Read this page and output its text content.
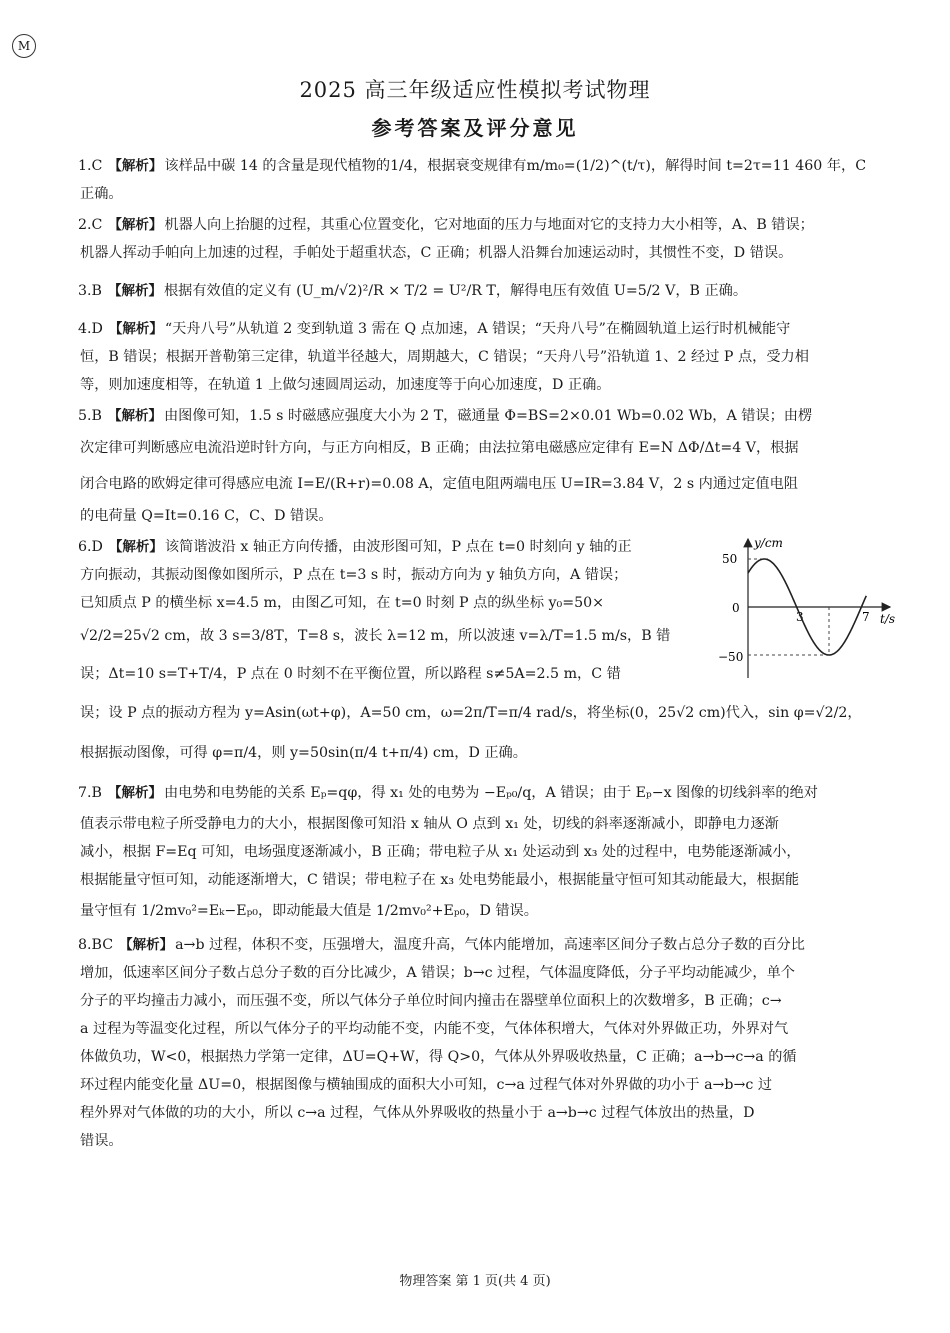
M
2025 高三年级适应性模拟考试物理
参考答案及评分意见
1.C 【解析】 该样品中碳 14 的含量是现代植物的1/4，根据衰变规律有m/m₀=(1/2)^(t/τ)，解得时间 t=2τ=11 460 年，C
正确。
2.C 【解析】 机器人向上抬腿的过程，其重心位置变化，它对地面的压力与地面对它的支持力大小相等，A、B 错误；
机器人挥动手帕向上加速的过程，手帕处于超重状态，C 正确；机器人沿舞台加速运动时，其惯性不变，D 错误。
3.B 【解析】 根据有效值的定义有 (U_m/√2)²/R × T/2 = U²/R T，解得电压有效值 U=5/2 V，B 正确。
4.D 【解析】 “天舟八号”从轨道 2 变到轨道 3 需在 Q 点加速，A 错误；“天舟八号”在椭圆轨道上运行时机械能守
恒，B 错误；根据开普勒第三定律，轨道半径越大，周期越大，C 错误；“天舟八号”沿轨道 1、2 经过 P 点，受力相
等，则加速度相等，在轨道 1 上做匀速圆周运动，加速度等于向心加速度，D 正确。
5.B 【解析】 由图像可知，1.5 s 时磁感应强度大小为 2 T，磁通量 Φ=BS=2×0.01 Wb=0.02 Wb，A 错误；由楞
次定律可判断感应电流沿逆时针方向，与正方向相反，B 正确；由法拉第电磁感应定律有 E=N ΔΦ/Δt=4 V，根据
闭合电路的欧姆定律可得感应电流 I=E/(R+r)=0.08 A，定值电阻两端电压 U=IR=3.84 V，2 s 内通过定值电阻
的电荷量 Q=It=0.16 C，C、D 错误。
6.D 【解析】 该简谐波沿 x 轴正方向传播，由波形图可知，P 点在 t=0 时刻向 y 轴的正
方向振动，其振动图像如图所示，P 点在 t=3 s 时，振动方向为 y 轴负方向，A 错误；
已知质点 P 的横坐标 x=4.5 m，由图乙可知，在 t=0 时刻 P 点的纵坐标 y₀=50×
√2/2=25√2 cm，故 3 s=3/8T，T=8 s，波长 λ=12 m，所以波速 v=λ/T=1.5 m/s，B 错
误；Δt=10 s=T+T/4，P 点在 0 时刻不在平衡位置，所以路程 s≠5A=2.5 m，C 错
误；设 P 点的振动方程为 y=Asin(ωt+φ)，A=50 cm，ω=2π/T=π/4 rad/s，将坐标(0，25√2 cm)代入，sin φ=√2/2，
根据振动图像，可得 φ=π/4，则 y=50sin(π/4 t+π/4) cm，D 正确。
y/cm
t/s
50
0
−50
3	7
7.B 【解析】 由电势和电势能的关系 Eₚ=qφ，得 x₁ 处的电势为 −Eₚ₀/q，A 错误；由于 Eₚ−x 图像的切线斜率的绝对
值表示带电粒子所受静电力的大小，根据图像可知沿 x 轴从 O 点到 x₁ 处，切线的斜率逐渐减小，即静电力逐渐
减小，根据 F=Eq 可知，电场强度逐渐减小，B 正确；带电粒子从 x₁ 处运动到 x₃ 处的过程中，电势能逐渐减小，
根据能量守恒可知，动能逐渐增大，C 错误；带电粒子在 x₃ 处电势能最小，根据能量守恒可知其动能最大，根据能
量守恒有 1/2mv₀²=Eₖ−Eₚ₀，即动能最大值是 1/2mv₀²+Eₚ₀，D 错误。
8.BC 【解析】 a→b 过程，体积不变，压强增大，温度升高，气体内能增加，高速率区间分子数占总分子数的百分比
增加，低速率区间分子数占总分子数的百分比减少，A 错误；b→c 过程，气体温度降低，分子平均动能减少，单个
分子的平均撞击力减小，而压强不变，所以气体分子单位时间内撞击在器壁单位面积上的次数增多，B 正确；c→
a 过程为等温变化过程，所以气体分子的平均动能不变，内能不变，气体体积增大，气体对外界做正功，外界对气
体做负功，W<0，根据热力学第一定律，ΔU=Q+W，得 Q>0，气体从外界吸收热量，C 正确；a→b→c→a 的循
环过程内能变化量 ΔU=0，根据图像与横轴围成的面积大小可知，c→a 过程气体对外界做的功小于 a→b→c 过
程外界对气体做的功的大小，所以 c→a 过程，气体从外界吸收的热量小于 a→b→c 过程气体放出的热量，D
错误。
物理答案 第 1 页(共 4 页)
